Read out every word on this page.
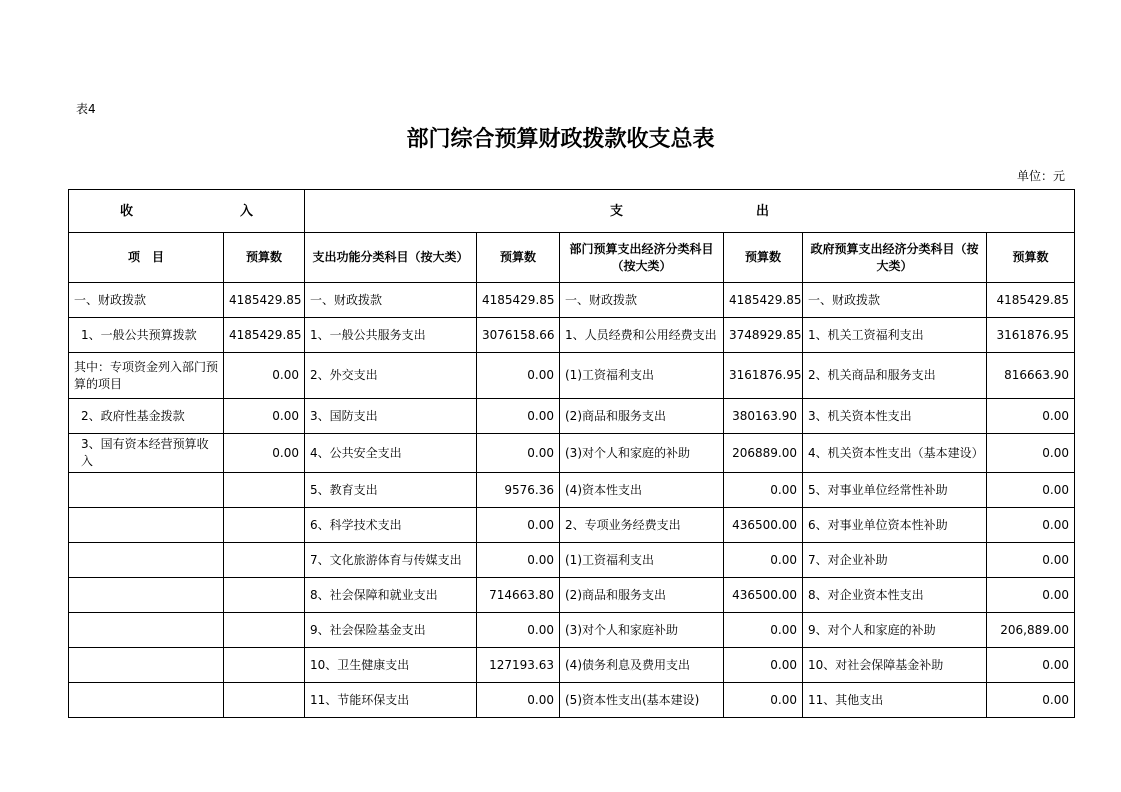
表4
部门综合预算财政拨款收支总表
单位：元
收 入		支 出					

项　目	预算数	支出功能分类科目（按大类）	预算数	部门预算支出经济分类科目（按大类）	预算数	政府预算支出经济分类科目（按大类）	预算数
一、财政拨款	4185429.85	一、财政拨款	4185429.85	一、财政拨款	4185429.85	一、财政拨款	4185429.85
1、一般公共预算拨款	4185429.85	1、一般公共服务支出	3076158.66	1、人员经费和公用经费支出	3748929.85	1、机关工资福利支出	3161876.95
其中：专项资金列入部门预算的项目	0.00	2、外交支出	0.00	(1)工资福利支出	3161876.95	2、机关商品和服务支出	816663.90
2、政府性基金拨款	0.00	3、国防支出	0.00	(2)商品和服务支出	380163.90	3、机关资本性支出	0.00
3、国有资本经营预算收入	0.00	4、公共安全支出	0.00	(3)对个人和家庭的补助	206889.00	4、机关资本性支出（基本建设）	0.00
		5、教育支出	9576.36	(4)资本性支出	0.00	5、对事业单位经常性补助	0.00
		6、科学技术支出	0.00	2、专项业务经费支出	436500.00	6、对事业单位资本性补助	0.00
		7、文化旅游体育与传媒支出	0.00	(1)工资福利支出	0.00	7、对企业补助	0.00
		8、社会保障和就业支出	714663.80	(2)商品和服务支出	436500.00	8、对企业资本性支出	0.00
		9、社会保险基金支出	0.00	(3)对个人和家庭补助	0.00	9、对个人和家庭的补助	206,889.00
		10、卫生健康支出	127193.63	(4)债务利息及费用支出	0.00	10、对社会保障基金补助	0.00
		11、节能环保支出	0.00	(5)资本性支出(基本建设)	0.00	11、其他支出	0.00
